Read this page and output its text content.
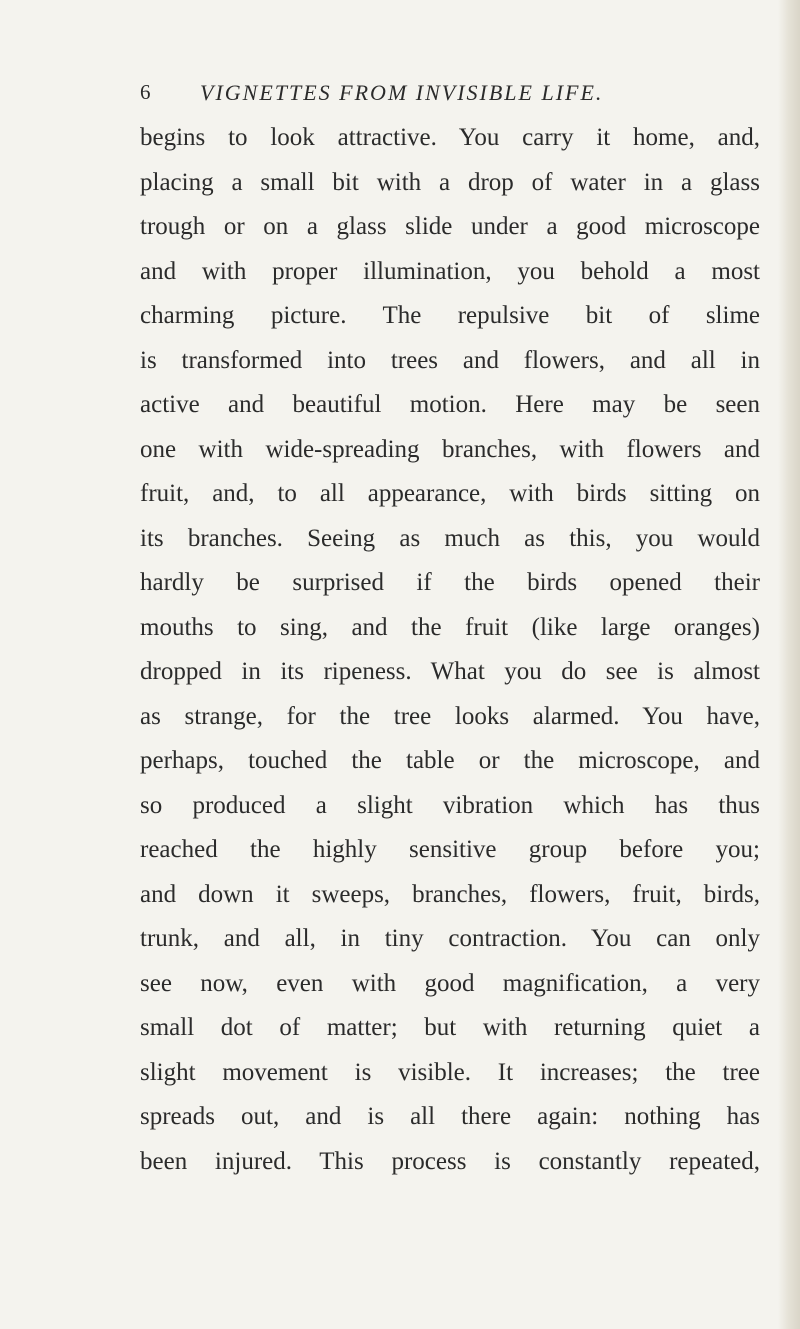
6 VIGNETTES FROM INVISIBLE LIFE.
begins to look attractive. You carry it home, and,
placing a small bit with a drop of water in a glass
trough or on a glass slide under a good microscope
and with proper illumination, you behold a most
charming picture. The repulsive bit of slime
is transformed into trees and flowers, and all in
active and beautiful motion. Here may be seen
one with wide-spreading branches, with flowers and
fruit, and, to all appearance, with birds sitting on
its branches. Seeing as much as this, you would
hardly be surprised if the birds opened their
mouths to sing, and the fruit (like large oranges)
dropped in its ripeness. What you do see is almost
as strange, for the tree looks alarmed. You have,
perhaps, touched the table or the microscope, and
so produced a slight vibration which has thus
reached the highly sensitive group before you;
and down it sweeps, branches, flowers, fruit, birds,
trunk, and all, in tiny contraction. You can only
see now, even with good magnification, a very
small dot of matter; but with returning quiet a
slight movement is visible. It increases; the tree
spreads out, and is all there again: nothing has
been injured. This process is constantly repeated,
